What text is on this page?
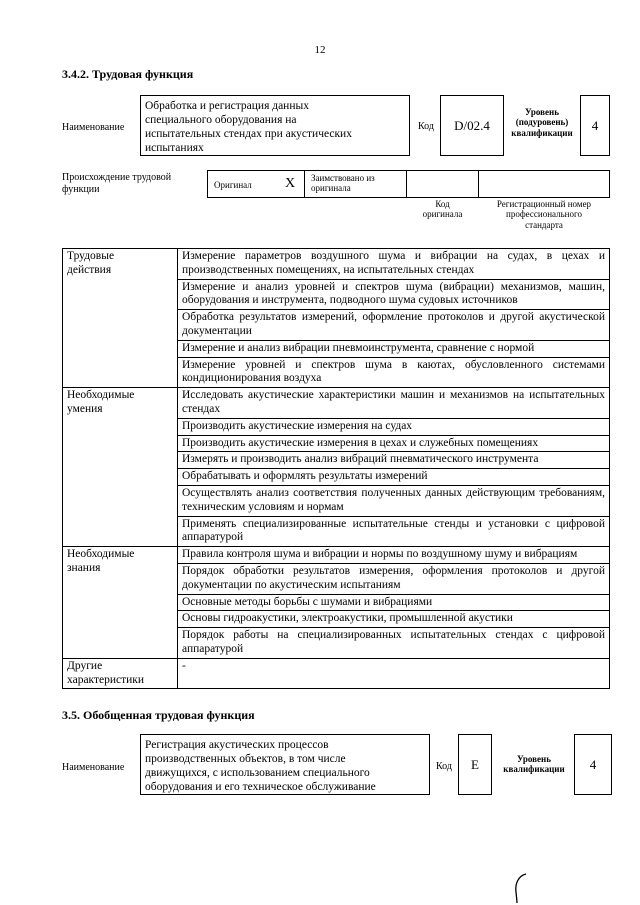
12
3.4.2. Трудовая функция
Наименование
Обработка и регистрация данных
специального оборудования на
испытательных стендах при акустических
испытаниях
Код D/02.4
Уровень
(подуровень)
квалификации
4
Происхождение трудовой
функции	Оригинал X Заимствовано из
оригинала
Код
оригинала
Регистрационный номер
профессионального
стандарта
Трудовые
действия	Измерение параметров воздушного шума и вибрации на судах, в цехах и производственных помещениях, на испытательных стендах
	Измерение и анализ уровней и спектров шума (вибрации) механизмов, машин, оборудования и инструмента, подводного шума судовых источников
	Обработка результатов измерений, оформление протоколов и другой акустической документации
	Измерение и анализ вибрации пневмоинструмента, сравнение с нормой
	Измерение уровней и спектров шума в каютах, обусловленного системами кондиционирования воздуха

Необходимые
умения	Исследовать акустические характеристики машин и механизмов на испытательных стендах
	Производить акустические измерения на судах
	Производить акустические измерения в цехах и служебных помещениях
	Измерять и производить анализ вибраций пневматического инструмента
	Обрабатывать и оформлять результаты измерений
	Осуществлять анализ соответствия полученных данных действующим требованиям, техническим условиям и нормам
	Применять специализированные испытательные стенды и установки с цифровой аппаратурой

Необходимые
знания	Правила контроля шума и вибрации и нормы по воздушному шуму и вибрациям
	Порядок обработки результатов измерения, оформления протоколов и другой документации по акустическим испытаниям
	Основные методы борьбы с шумами и вибрациями
	Основы гидроакустики, электроакустики, промышленной акустики
	Порядок работы на специализированных испытательных стендах с цифровой аппаратурой

Другие
характеристики	-
3.5. Обобщенная трудовая функция
Наименование
Регистрация акустических процессов
производственных объектов, в том числе
движущихся, с использованием специального
оборудования и его техническое обслуживание
Код E	Уровень
квалификации	4
